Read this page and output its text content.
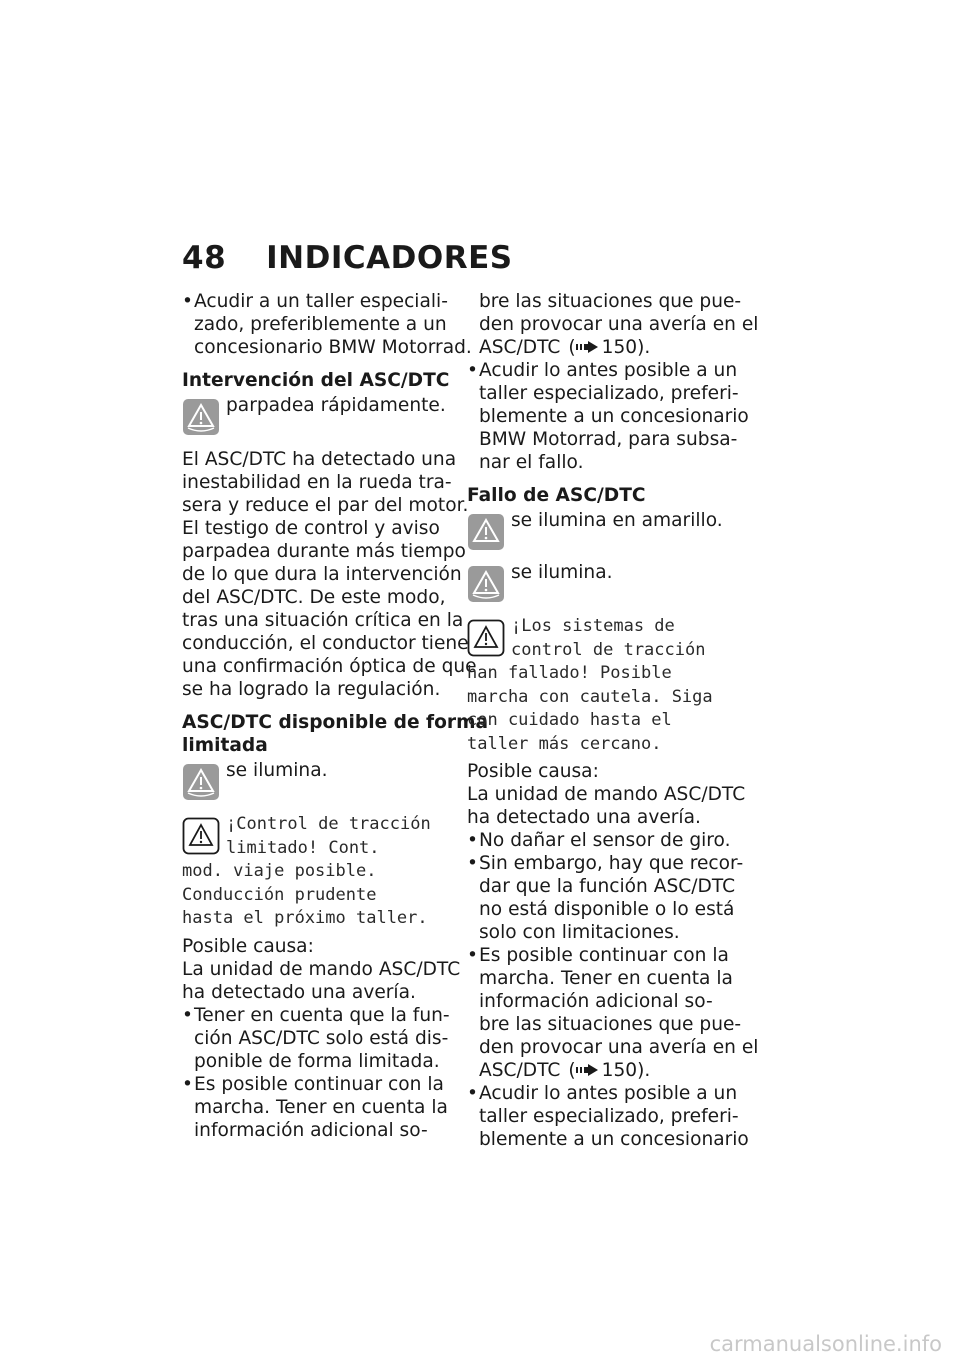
48 INDICADORES
• Acudir a un taller especiali-
zado, preferiblemente a un
concesionario BMW Motorrad.
Intervención del ASC/DTC
parpadea rápidamente.
El ASC/DTC ha detectado una
inestabilidad en la rueda tra-
sera y reduce el par del motor.
El testigo de control y aviso
parpadea durante más tiempo
de lo que dura la intervención
del ASC/DTC. De este modo,
tras una situación crítica en la
conducción, el conductor tiene
una confirmación óptica de que
se ha logrado la regulación.
ASC/DTC disponible de forma
limitada
se ilumina.
¡Control de tracción
limitado! Cont.
mod. viaje posible.
Conducción prudente
hasta el próximo taller.
Posible causa:
La unidad de mando ASC/DTC
ha detectado una avería.
• Tener en cuenta que la fun-
ción ASC/DTC solo está dis-
ponible de forma limitada.
• Es posible continuar con la
marcha. Tener en cuenta la
información adicional so-
bre las situaciones que pue-
den provocar una avería en el
ASC/DTC ( 150).
• Acudir lo antes posible a un
taller especializado, preferi-
blemente a un concesionario
BMW Motorrad, para subsa-
nar el fallo.
Fallo de ASC/DTC
se ilumina en amarillo.
se ilumina.
¡Los sistemas de
control de tracción
han fallado! Posible
marcha con cautela. Siga
con cuidado hasta el
taller más cercano.
Posible causa:
La unidad de mando ASC/DTC
ha detectado una avería.
• No dañar el sensor de giro.
• Sin embargo, hay que recor-
dar que la función ASC/DTC
no está disponible o lo está
solo con limitaciones.
• Es posible continuar con la
marcha. Tener en cuenta la
información adicional so-
bre las situaciones que pue-
den provocar una avería en el
ASC/DTC ( 150).
• Acudir lo antes posible a un
taller especializado, preferi-
blemente a un concesionario
carmanualsonline.info
